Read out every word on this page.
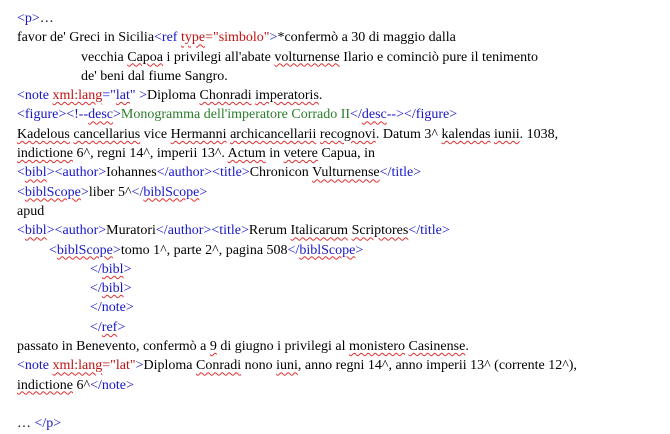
<p>…
favor de' Greci in Sicilia<ref type="simbolo">*confermò a 30 di maggio dalla
vecchia Capoa i privilegi all'abate volturnense Ilario e cominciò pure il tenimento
de' beni dal fiume Sangro.
<note xml:lang="lat" >Diploma Chonradi imperatoris.
<figure><!--desc>Monogramma dell'imperatore Corrado II</desc--></figure>
Kadelous cancellarius vice Hermanni archicancellarii recognovi. Datum 3^ kalendas iunii. 1038,
indictione 6^, regni 14^, imperii 13^. Actum in vetere Capua, in
<bibl><author>Iohannes</author><title>Chronicon Vulturnense</title>
<biblScope>liber 5^</biblScope>
apud
<bibl><author>Muratori</author><title>Rerum Italicarum Scriptores</title>
<biblScope>tomo 1^, parte 2^, pagina 508</biblScope>
</bibl>
</bibl>
</note>
</ref>
passato in Benevento, confermò a 9 di giugno i privilegi al monistero Casinense.
<note xml:lang="lat">Diploma Conradi nono iuni, anno regni 14^, anno imperii 13^ (corrente 12^),
indictione 6^</note>
… </p>
